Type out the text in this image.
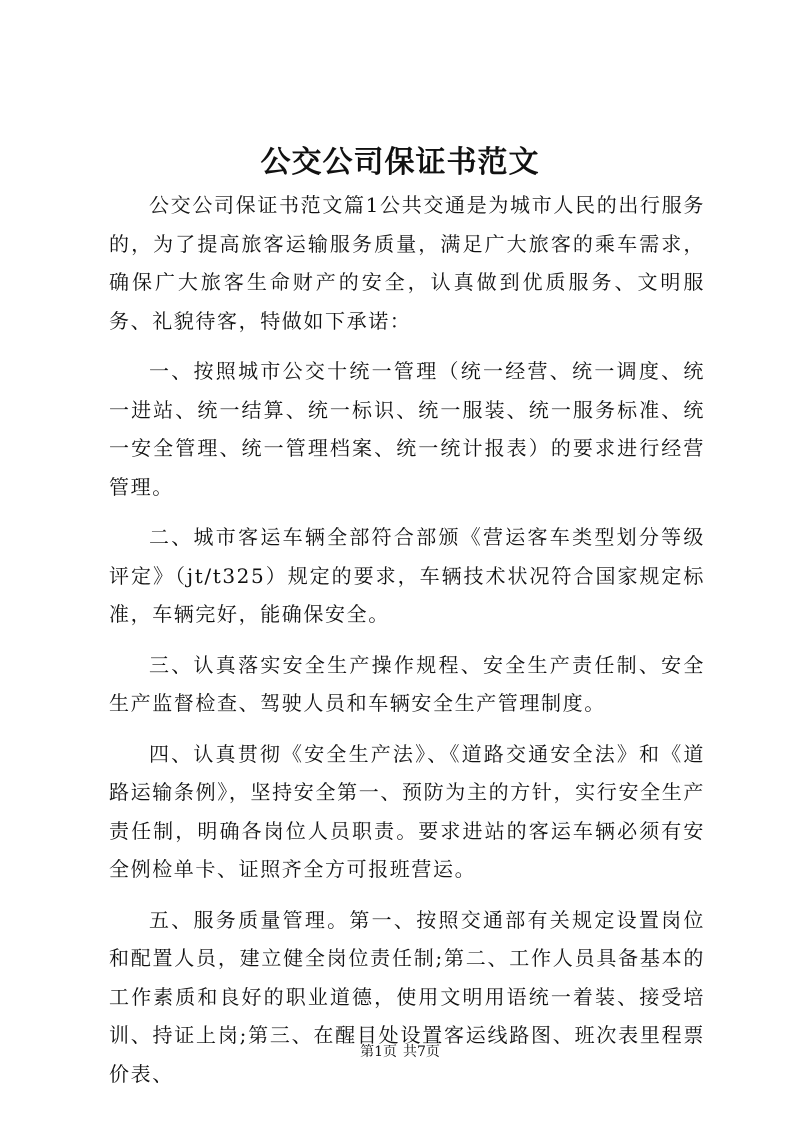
公交公司保证书范文

公交公司保证书范文篇1公共交通是为城市人民的出行服务的，为了提高旅客运输服务质量，满足广大旅客的乘车需求，确保广大旅客生命财产的安全，认真做到优质服务、文明服务、礼貌待客，特做如下承诺：

一、按照城市公交十统一管理（统一经营、统一调度、统一进站、统一结算、统一标识、统一服装、统一服务标准、统一安全管理、统一管理档案、统一统计报表）的要求进行经营管理。

二、城市客运车辆全部符合部颁《营运客车类型划分等级评定》（jt/t325）规定的要求，车辆技术状况符合国家规定标准，车辆完好，能确保安全。

三、认真落实安全生产操作规程、安全生产责任制、安全生产监督检查、驾驶人员和车辆安全生产管理制度。

四、认真贯彻《安全生产法》、《道路交通安全法》和《道路运输条例》，坚持安全第一、预防为主的方针，实行安全生产责任制，明确各岗位人员职责。要求进站的客运车辆必须有安全例检单卡、证照齐全方可报班营运。

五、服务质量管理。第一、按照交通部有关规定设置岗位和配置人员，建立健全岗位责任制;第二、工作人员具备基本的工作素质和良好的职业道德，使用文明用语统一着装、接受培训、持证上岗;第三、在醒目处设置客运线路图、班次表里程票价表、

第1页 共7页
